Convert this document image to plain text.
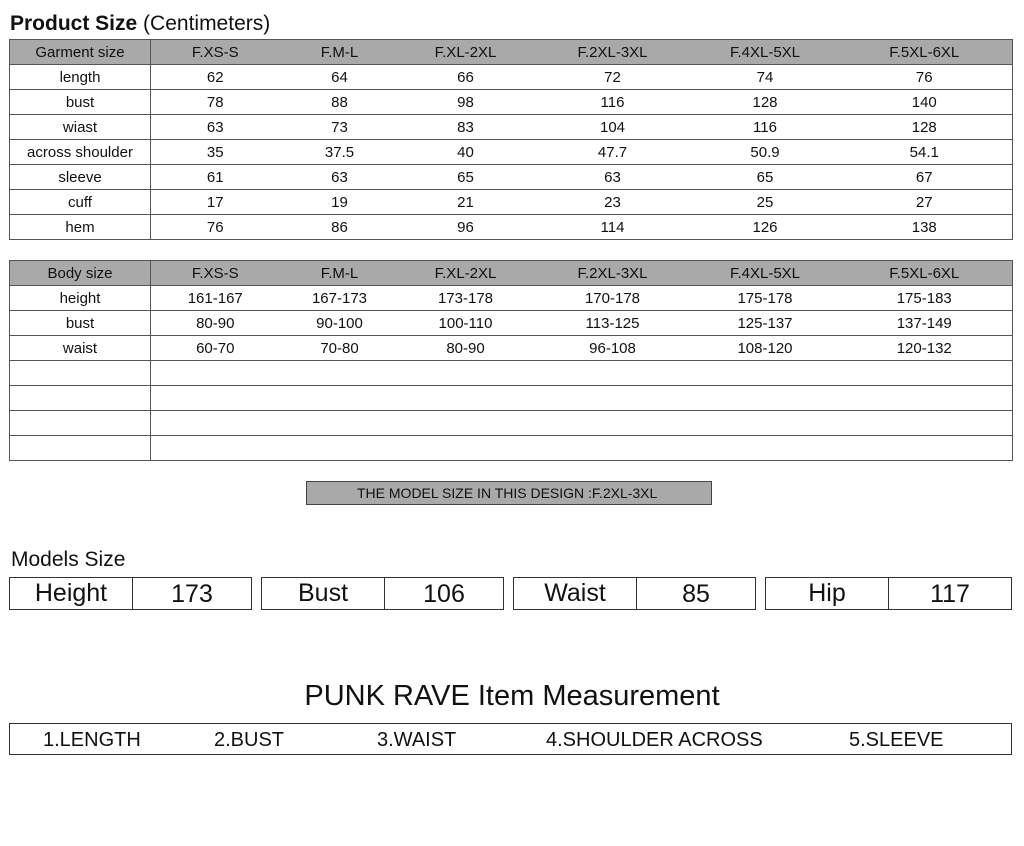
Product Size (Centimeters)
Garment size	F.XS-S	F.M-L	F.XL-2XL	F.2XL-3XL	F.4XL-5XL	F.5XL-6XL
length	62	64	66	72	74	76
bust	78	88	98	116	128	140
wiast	63	73	83	104	116	128
across shoulder	35	37.5	40	47.7	50.9	54.1
sleeve	61	63	65	63	65	67
cuff	17	19	21	23	25	27
hem	76	86	96	114	126	138
Body size	F.XS-S	F.M-L	F.XL-2XL	F.2XL-3XL	F.4XL-5XL	F.5XL-6XL
height	161-167	167-173	173-178	170-178	175-178	175-183
bust	80-90	90-100	100-110	113-125	125-137	137-149
waist	60-70	70-80	80-90	96-108	108-120	120-132

THE MODEL SIZE IN THIS DESIGN :F.2XL-3XL
Models Size
Height	173	Bust	106	Waist	85	Hip	117
PUNK RAVE Item Measurement
1.LENGTH	2.BUST	3.WAIST	4.SHOULDER ACROSS	5.SLEEVE
